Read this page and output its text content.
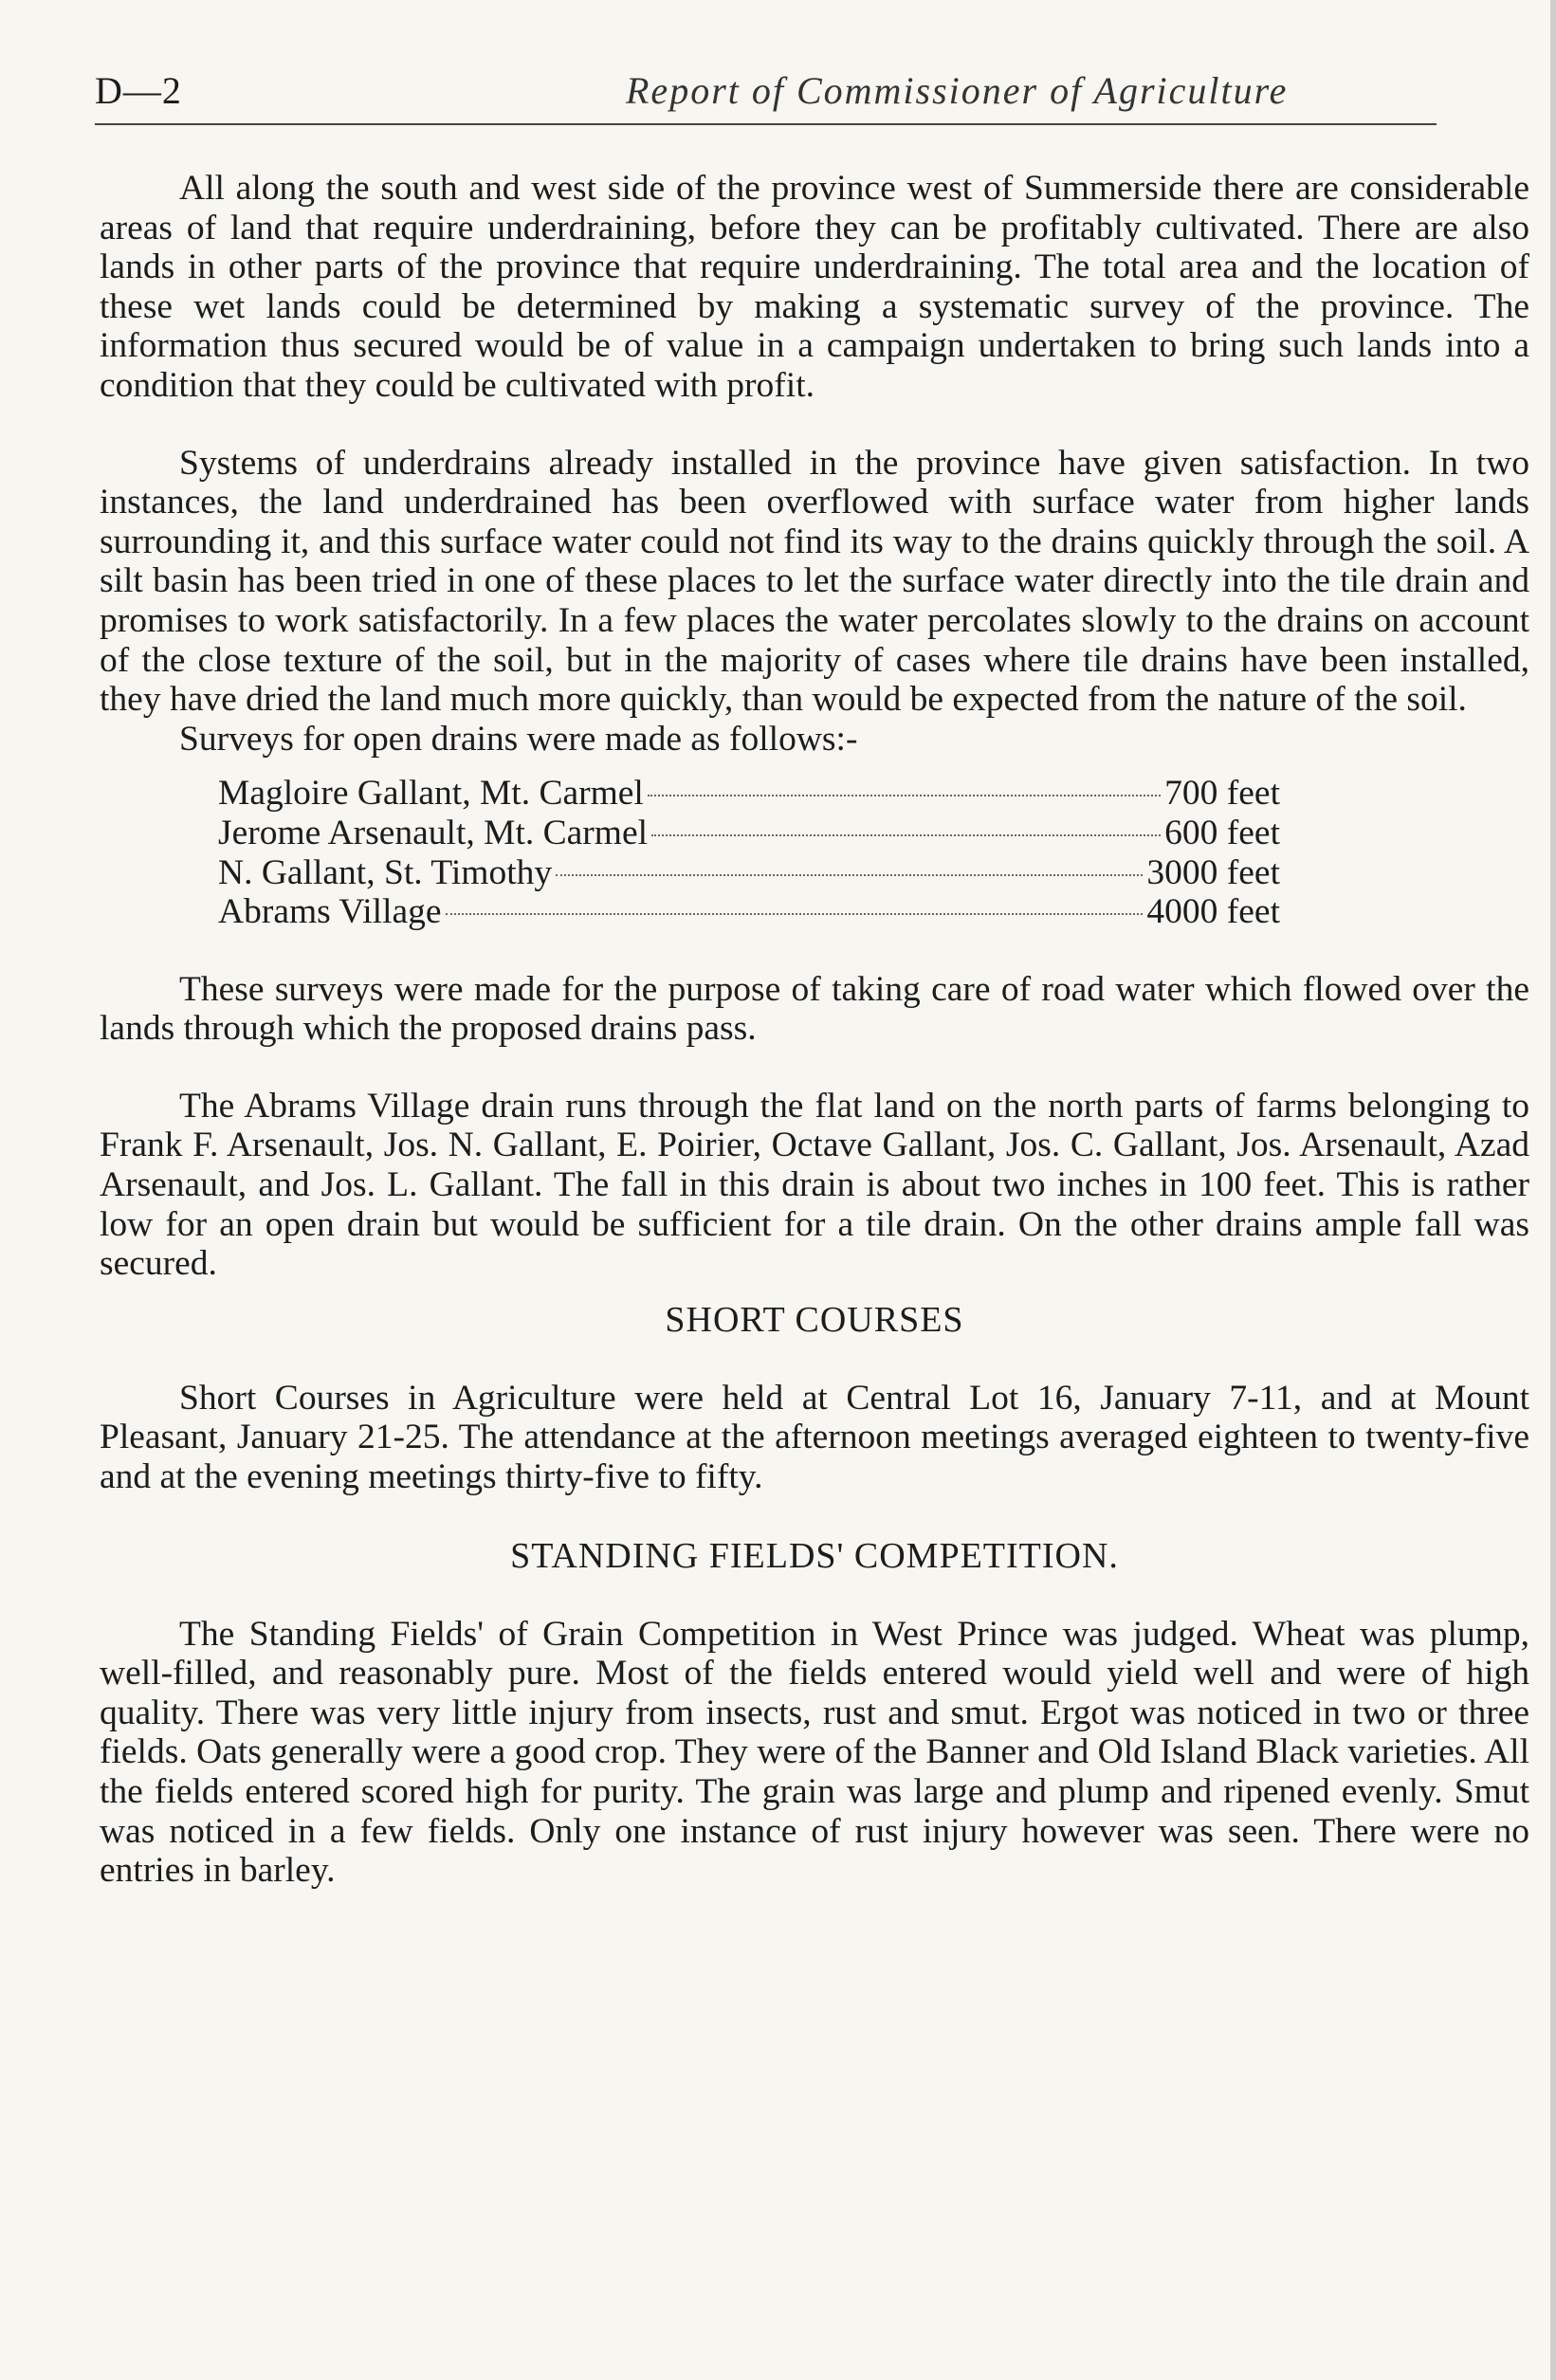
D—2	Report of Commissioner of Agriculture

All along the south and west side of the province west of Summerside there are considerable areas of land that require underdraining, before they can be profitably cultivated. There are also lands in other parts of the province that require underdraining. The total area and the location of these wet lands could be determined by making a systematic survey of the province. The information thus secured would be of value in a campaign undertaken to bring such lands into a condition that they could be cultivated with profit.

Systems of underdrains already installed in the province have given satisfaction. In two instances, the land underdrained has been overflowed with surface water from higher lands surrounding it, and this surface water could not find its way to the drains quickly through the soil. A silt basin has been tried in one of these places to let the surface water directly into the tile drain and promises to work satisfactorily. In a few places the water percolates slowly to the drains on account of the close texture of the soil, but in the majority of cases where tile drains have been installed, they have dried the land much more quickly, than would be expected from the nature of the soil.

Surveys for open drains were made as follows:-

Magloire Gallant, Mt. Carmel	700 feet
Jerome Arsenault, Mt. Carmel	600 feet
N. Gallant, St. Timothy	3000 feet
Abrams Village	4000 feet

These surveys were made for the purpose of taking care of road water which flowed over the lands through which the proposed drains pass.

The Abrams Village drain runs through the flat land on the north parts of farms belonging to Frank F. Arsenault, Jos. N. Gallant, E. Poirier, Octave Gallant, Jos. C. Gallant, Jos. Arsenault, Azad Arsenault, and Jos. L. Gallant. The fall in this drain is about two inches in 100 feet. This is rather low for an open drain but would be sufficient for a tile drain. On the other drains ample fall was secured.

SHORT COURSES

Short Courses in Agriculture were held at Central Lot 16, January 7-11, and at Mount Pleasant, January 21-25. The attendance at the afternoon meetings averaged eighteen to twenty-five and at the evening meetings thirty-five to fifty.

STANDING FIELDS' COMPETITION.

The Standing Fields' of Grain Competition in West Prince was judged. Wheat was plump, well-filled, and reasonably pure. Most of the fields entered would yield well and were of high quality. There was very little injury from insects, rust and smut. Ergot was noticed in two or three fields. Oats generally were a good crop. They were of the Banner and Old Island Black varieties. All the fields entered scored high for purity. The grain was large and plump and ripened evenly. Smut was noticed in a few fields. Only one instance of rust injury however was seen. There were no entries in barley.
